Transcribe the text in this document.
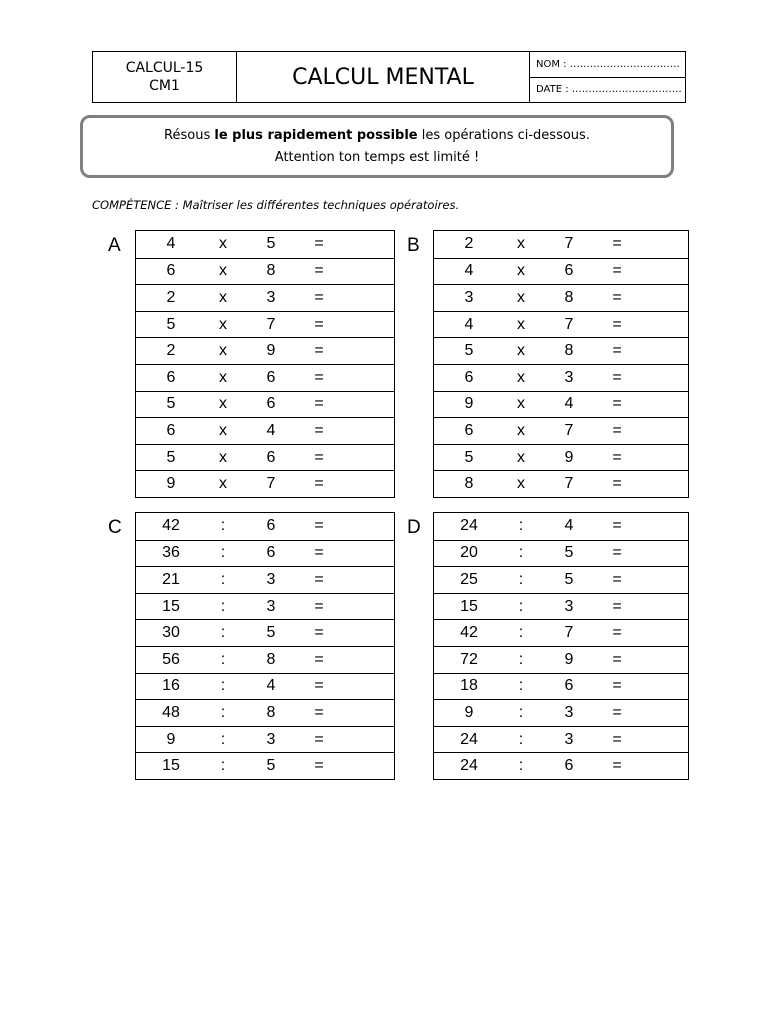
CALCUL-15
CM1	CALCUL MENTAL
NOM : ……………………………
DATE : ……………………………
Résous le plus rapidement possible les opérations ci-dessous.
Attention ton temps est limité !
COMPÉTENCE : Maîtriser les différentes techniques opératoires.
A	4	x	5	=
6	x	8	=
2	x	3	=
5	x	7	=
2	x	9	=
6	x	6	=
5	x	6	=
6	x	4	=
5	x	6	=
9	x	7	=
B	2	x	7	=
4	x	6	=
3	x	8	=
4	x	7	=
5	x	8	=
6	x	3	=
9	x	4	=
6	x	7	=
5	x	9	=
8	x	7	=
C	42	:	6	=
36	:	6	=
21	:	3	=
15	:	3	=
30	:	5	=
56	:	8	=
16	:	4	=
48	:	8	=
9	:	3	=
15	:	5	=
D	24	:	4	=
20	:	5	=
25	:	5	=
15	:	3	=
42	:	7	=
72	:	9	=
18	:	6	=
9	:	3	=
24	:	3	=
24	:	6	=
